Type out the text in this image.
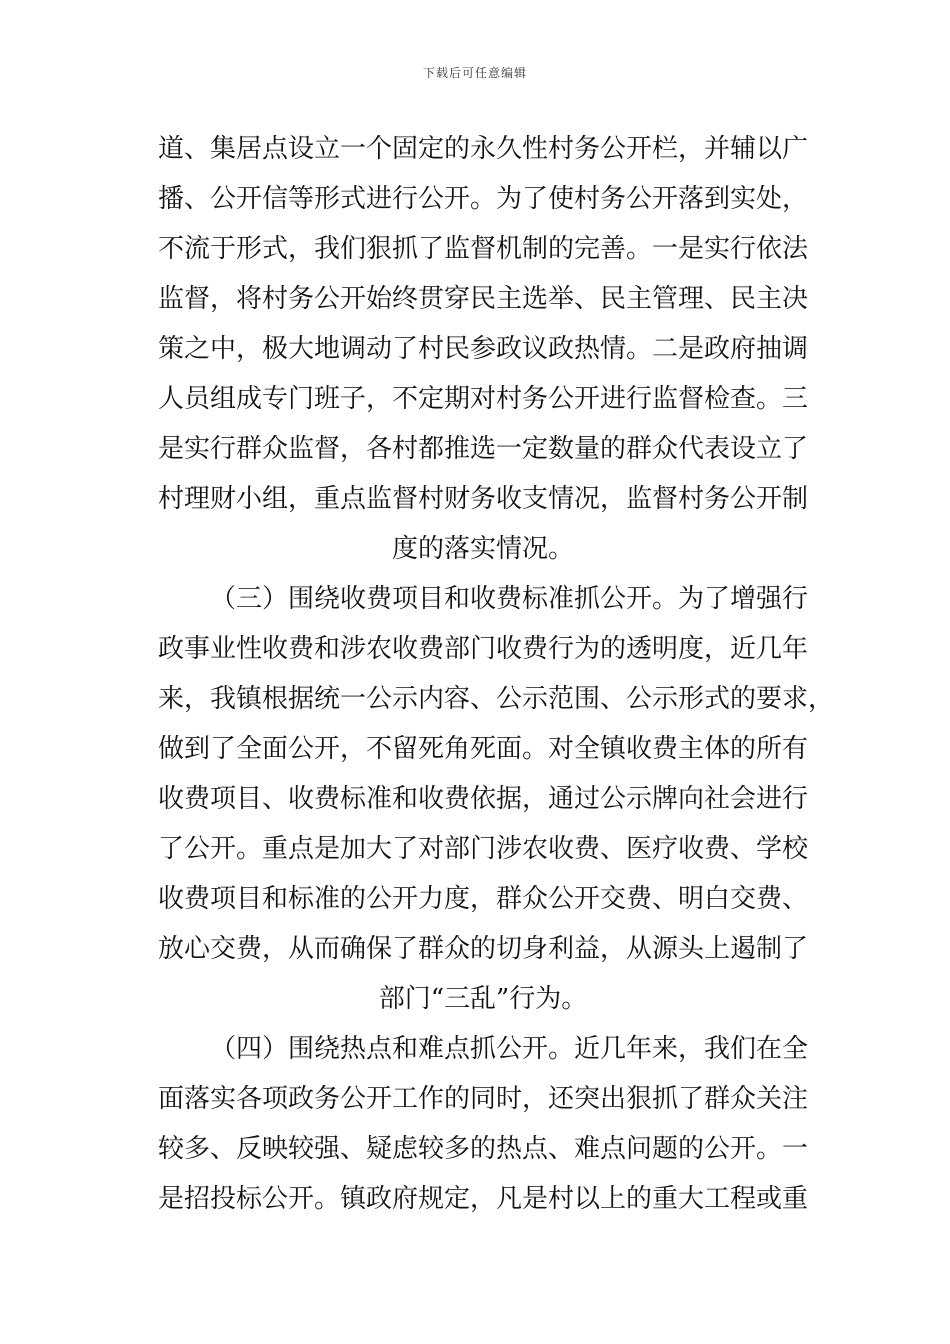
下载后可任意编辑
道、集居点设立一个固定的永久性村务公开栏，并辅以广
播、公开信等形式进行公开。为了使村务公开落到实处，
不流于形式，我们狠抓了监督机制的完善。一是实行依法
监督，将村务公开始终贯穿民主选举、民主管理、民主决
策之中，极大地调动了村民参政议政热情。二是政府抽调
人员组成专门班子，不定期对村务公开进行监督检查。三
是实行群众监督，各村都推选一定数量的群众代表设立了
村理财小组，重点监督村财务收支情况，监督村务公开制
度的落实情况。
（三）围绕收费项目和收费标准抓公开。为了增强行
政事业性收费和涉农收费部门收费行为的透明度，近几年
来，我镇根据统一公示内容、公示范围、公示形式的要求，
做到了全面公开，不留死角死面。对全镇收费主体的所有
收费项目、收费标准和收费依据，通过公示牌向社会进行
了公开。重点是加大了对部门涉农收费、医疗收费、学校
收费项目和标准的公开力度，群众公开交费、明白交费、
放心交费，从而确保了群众的切身利益，从源头上遏制了
部门“三乱”行为。
（四）围绕热点和难点抓公开。近几年来，我们在全
面落实各项政务公开工作的同时，还突出狠抓了群众关注
较多、反映较强、疑虑较多的热点、难点问题的公开。一
是招投标公开。镇政府规定，凡是村以上的重大工程或重
